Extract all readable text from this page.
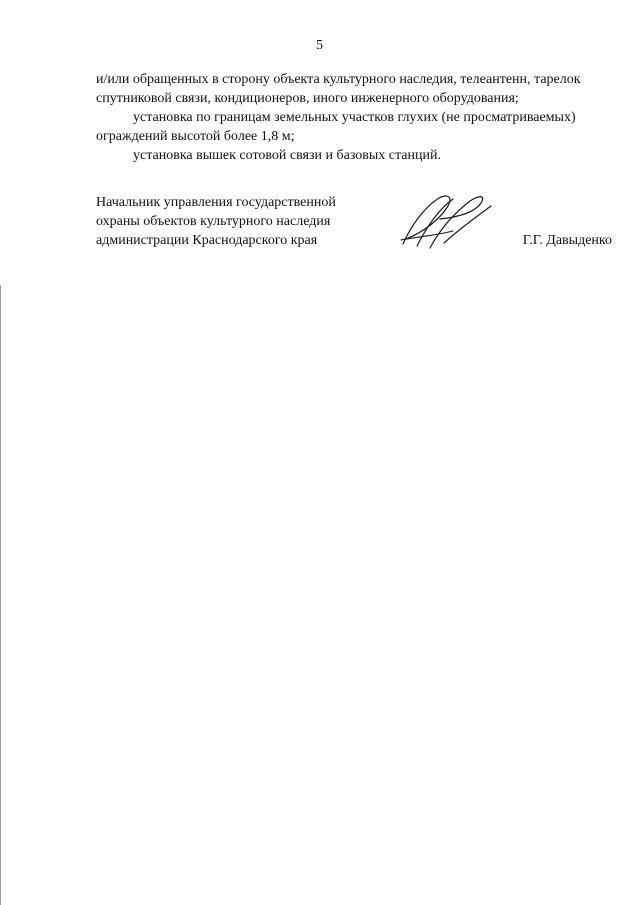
5
и/или обращенных в сторону объекта культурного наследия, телеантенн, тарелок
спутниковой связи, кондиционеров, иного инженерного оборудования;
установка по границам земельных участков глухих (не просматриваемых)
ограждений высотой более 1,8 м;
установка вышек сотовой связи и базовых станций.
Начальник управления государственной
охраны объектов культурного наследия
администрации Краснодарского края	Г.Г. Давыденко
